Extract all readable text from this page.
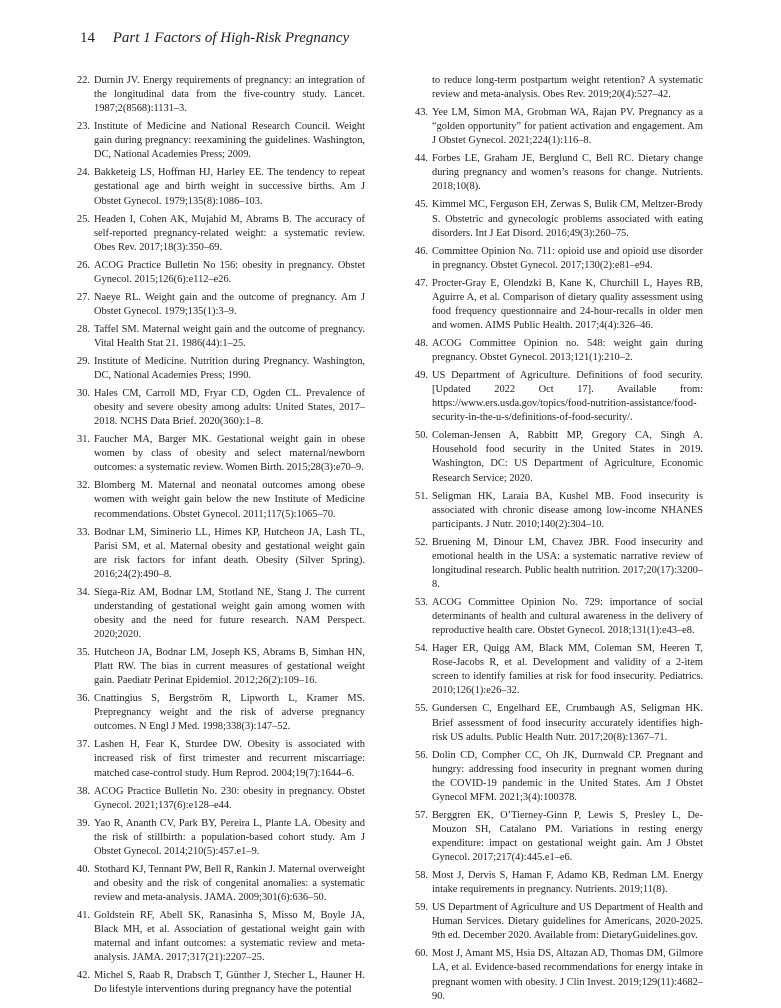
14 Part 1 Factors of High-Risk Pregnancy
22. Durnin JV. Energy requirements of pregnancy: an integration of the longitudinal data from the five-country study. Lancet. 1987;2(8568):1131–3.
23. Institute of Medicine and National Research Council. Weight gain during pregnancy: reexamining the guidelines. Washington, DC, National Academies Press; 2009.
24. Bakketeig LS, Hoffman HJ, Harley EE. The tendency to repeat gestational age and birth weight in successive births. Am J Obstet Gynecol. 1979;135(8):1086–103.
25. Headen I, Cohen AK, Mujahid M, Abrams B. The accuracy of self-reported pregnancy-related weight: a systematic review. Obes Rev. 2017;18(3):350–69.
26. ACOG Practice Bulletin No 156: obesity in pregnancy. Obstet Gynecol. 2015;126(6):e112–e26.
27. Naeye RL. Weight gain and the outcome of pregnancy. Am J Obstet Gynecol. 1979;135(1):3–9.
28. Taffel SM. Maternal weight gain and the outcome of pregnancy. Vital Health Stat 21. 1986(44):1–25.
29. Institute of Medicine. Nutrition during Pregnancy. Washington, DC, National Academies Press; 1990.
30. Hales CM, Carroll MD, Fryar CD, Ogden CL. Prevalence of obesity and severe obesity among adults: United States, 2017–2018. NCHS Data Brief. 2020(360):1–8.
31. Faucher MA, Barger MK. Gestational weight gain in obese women by class of obesity and select maternal/newborn outcomes: a systematic review. Women Birth. 2015;28(3):e70–9.
32. Blomberg M. Maternal and neonatal outcomes among obese women with weight gain below the new Institute of Medicine recommendations. Obstet Gynecol. 2011;117(5):1065–70.
33. Bodnar LM, Siminerio LL, Himes KP, Hutcheon JA, Lash TL, Parisi SM, et al. Maternal obesity and gestational weight gain are risk factors for infant death. Obesity (Silver Spring). 2016;24(2):490–8.
34. Siega-Riz AM, Bodnar LM, Stotland NE, Stang J. The current understanding of gestational weight gain among women with obesity and the need for future research. NAM Perspect. 2020;2020.
35. Hutcheon JA, Bodnar LM, Joseph KS, Abrams B, Simhan HN, Platt RW. The bias in current measures of gestational weight gain. Paediatr Perinat Epidemiol. 2012;26(2):109–16.
36. Cnattingius S, Bergström R, Lipworth L, Kramer MS. Prepregnancy weight and the risk of adverse pregnancy outcomes. N Engl J Med. 1998;338(3):147–52.
37. Lashen H, Fear K, Sturdee DW. Obesity is associated with increased risk of first trimester and recurrent miscarriage: matched case-control study. Hum Reprod. 2004;19(7):1644–6.
38. ACOG Practice Bulletin No. 230: obesity in pregnancy. Obstet Gynecol. 2021;137(6):e128–e44.
39. Yao R, Ananth CV, Park BY, Pereira L, Plante LA. Obesity and the risk of stillbirth: a population-based cohort study. Am J Obstet Gynecol. 2014;210(5):457.e1–9.
40. Stothard KJ, Tennant PW, Bell R, Rankin J. Maternal overweight and obesity and the risk of congenital anomalies: a systematic review and meta-analysis. JAMA. 2009;301(6):636–50.
41. Goldstein RF, Abell SK, Ranasinha S, Misso M, Boyle JA, Black MH, et al. Association of gestational weight gain with maternal and infant outcomes: a systematic review and meta-analysis. JAMA. 2017;317(21):2207–25.
42. Michel S, Raab R, Drabsch T, Günther J, Stecher L, Hauner H. Do lifestyle interventions during pregnancy have the potential
to reduce long-term postpartum weight retention? A systematic review and meta-analysis. Obes Rev. 2019;20(4):527–42.
43. Yee LM, Simon MA, Grobman WA, Rajan PV. Pregnancy as a “golden opportunity” for patient activation and engagement. Am J Obstet Gynecol. 2021;224(1):116–8.
44. Forbes LE, Graham JE, Berglund C, Bell RC. Dietary change during pregnancy and women’s reasons for change. Nutrients. 2018;10(8).
45. Kimmel MC, Ferguson EH, Zerwas S, Bulik CM, Meltzer-Brody S. Obstetric and gynecologic problems associated with eating disorders. Int J Eat Disord. 2016;49(3):260–75.
46. Committee Opinion No. 711: opioid use and opioid use disorder in pregnancy. Obstet Gynecol. 2017;130(2):e81–e94.
47. Procter-Gray E, Olendzki B, Kane K, Churchill L, Hayes RB, Aguirre A, et al. Comparison of dietary quality assessment using food frequency questionnaire and 24-hour-recalls in older men and women. AIMS Public Health. 2017;4(4):326–46.
48. ACOG Committee Opinion no. 548: weight gain during pregnancy. Obstet Gynecol. 2013;121(1):210–2.
49. US Department of Agriculture. Definitions of food security. [Updated 2022 Oct 17]. Available from: https://www.ers.usda.gov/topics/food-nutrition-assistance/food-security-in-the-u-s/definitions-of-food-security/.
50. Coleman-Jensen A, Rabbitt MP, Gregory CA, Singh A. Household food security in the United States in 2019. Washington, DC: US Department of Agriculture, Economic Research Service; 2020.
51. Seligman HK, Laraia BA, Kushel MB. Food insecurity is associated with chronic disease among low-income NHANES participants. J Nutr. 2010;140(2):304–10.
52. Bruening M, Dinour LM, Chavez JBR. Food insecurity and emotional health in the USA: a systematic narrative review of longitudinal research. Public health nutrition. 2017;20(17):3200–8.
53. ACOG Committee Opinion No. 729: importance of social determinants of health and cultural awareness in the delivery of reproductive health care. Obstet Gynecol. 2018;131(1):e43–e8.
54. Hager ER, Quigg AM, Black MM, Coleman SM, Heeren T, Rose-Jacobs R, et al. Development and validity of a 2-item screen to identify families at risk for food insecurity. Pediatrics. 2010;126(1):e26–32.
55. Gundersen C, Engelhard EE, Crumbaugh AS, Seligman HK. Brief assessment of food insecurity accurately identifies high-risk US adults. Public Health Nutr. 2017;20(8):1367–71.
56. Dolin CD, Compher CC, Oh JK, Durnwald CP. Pregnant and hungry: addressing food insecurity in pregnant women during the COVID-19 pandemic in the United States. Am J Obstet Gynecol MFM. 2021;3(4):100378.
57. Berggren EK, O’Tierney-Ginn P, Lewis S, Presley L, De-Mouzon SH, Catalano PM. Variations in resting energy expenditure: impact on gestational weight gain. Am J Obstet Gynecol. 2017;217(4):445.e1–e6.
58. Most J, Dervis S, Haman F, Adamo KB, Redman LM. Energy intake requirements in pregnancy. Nutrients. 2019;11(8).
59. US Department of Agriculture and US Department of Health and Human Services. Dietary guidelines for Americans, 2020-2025. 9th ed. December 2020. Available from: DietaryGuidelines.gov.
60. Most J, Amant MS, Hsia DS, Altazan AD, Thomas DM, Gilmore LA, et al. Evidence-based recommendations for energy intake in pregnant women with obesity. J Clin Invest. 2019;129(11):4682–90.
